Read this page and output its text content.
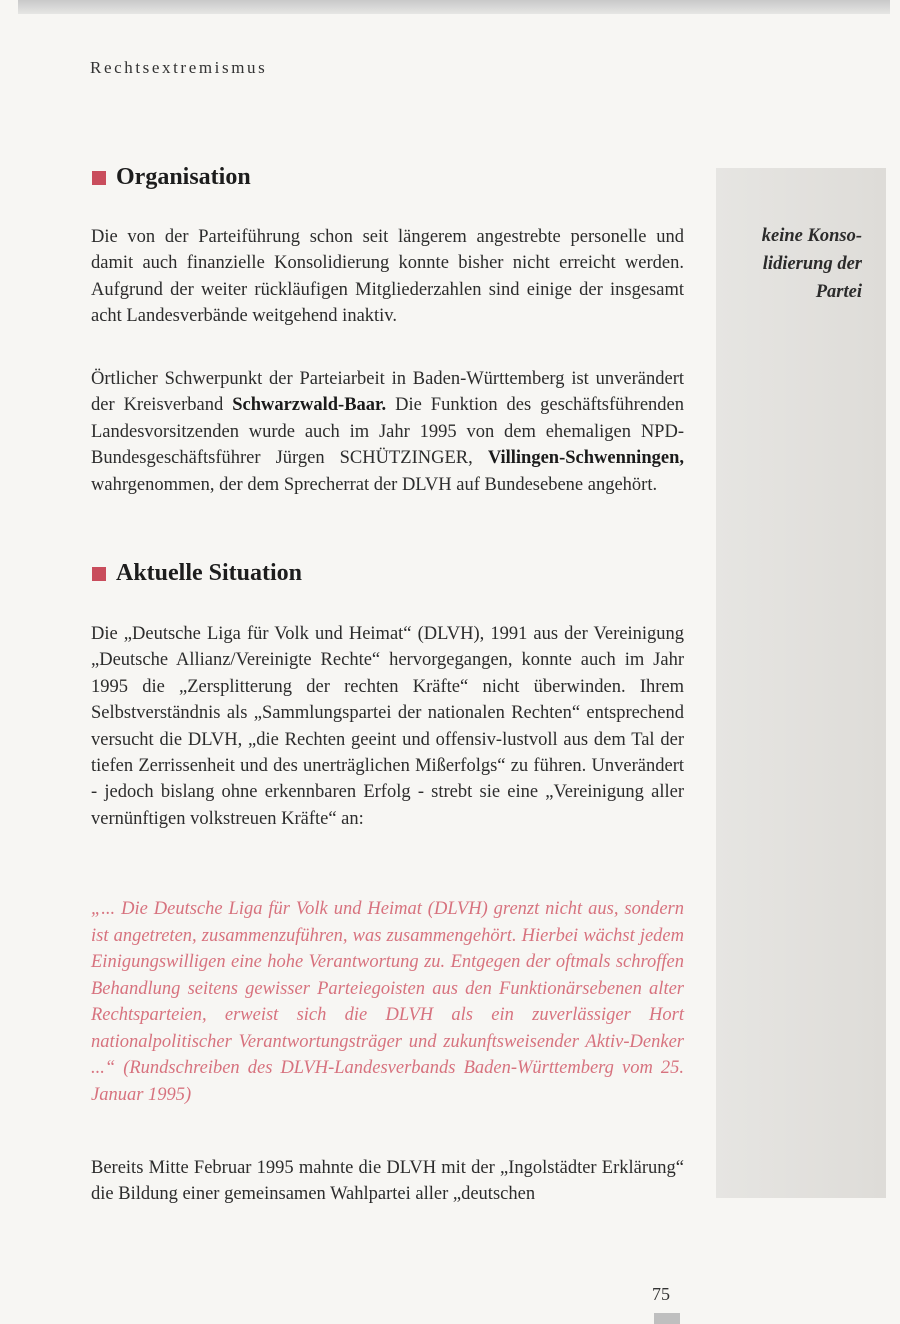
Rechtsextremismus
keine Konso-lidierung der Partei
Organisation
Die von der Parteiführung schon seit längerem angestrebte personelle und damit auch finanzielle Konsolidierung konnte bisher nicht erreicht werden. Aufgrund der weiter rückläufigen Mitgliederzahlen sind einige der insgesamt acht Landesverbände weitgehend inaktiv.
Örtlicher Schwerpunkt der Parteiarbeit in Baden-Württemberg ist unverändert der Kreisverband Schwarzwald-Baar. Die Funktion des geschäftsführenden Landesvorsitzenden wurde auch im Jahr 1995 von dem ehemaligen NPD-Bundesgeschäftsführer Jürgen SCHÜTZINGER, Villingen-Schwenningen, wahrgenommen, der dem Sprecherrat der DLVH auf Bundesebene angehört.
Aktuelle Situation
Die „Deutsche Liga für Volk und Heimat“ (DLVH), 1991 aus der Vereinigung „Deutsche Allianz/Vereinigte Rechte“ hervorgegangen, konnte auch im Jahr 1995 die „Zersplitterung der rechten Kräfte“ nicht überwinden. Ihrem Selbstverständnis als „Sammlungspartei der nationalen Rechten“ entsprechend versucht die DLVH, „die Rechten geeint und offensiv-lustvoll aus dem Tal der tiefen Zerrissenheit und des unerträglichen Mißerfolgs“ zu führen. Unverändert - jedoch bislang ohne erkennbaren Erfolg - strebt sie eine „Vereinigung aller vernünftigen volkstreuen Kräfte“ an:
„... Die Deutsche Liga für Volk und Heimat (DLVH) grenzt nicht aus, sondern ist angetreten, zusammenzuführen, was zusammengehört. Hierbei wächst jedem Einigungswilligen eine hohe Verantwortung zu. Entgegen der oftmals schroffen Behandlung seitens gewisser Parteiegoisten aus den Funktionärsebenen alter Rechtsparteien, erweist sich die DLVH als ein zuverlässiger Hort nationalpolitischer Verantwortungsträger und zukunftsweisender Aktiv-Denker ...“ (Rundschreiben des DLVH-Landesverbands Baden-Württemberg vom 25. Januar 1995)
Bereits Mitte Februar 1995 mahnte die DLVH mit der „Ingolstädter Erklärung“ die Bildung einer gemeinsamen Wahlpartei aller „deutschen
75
